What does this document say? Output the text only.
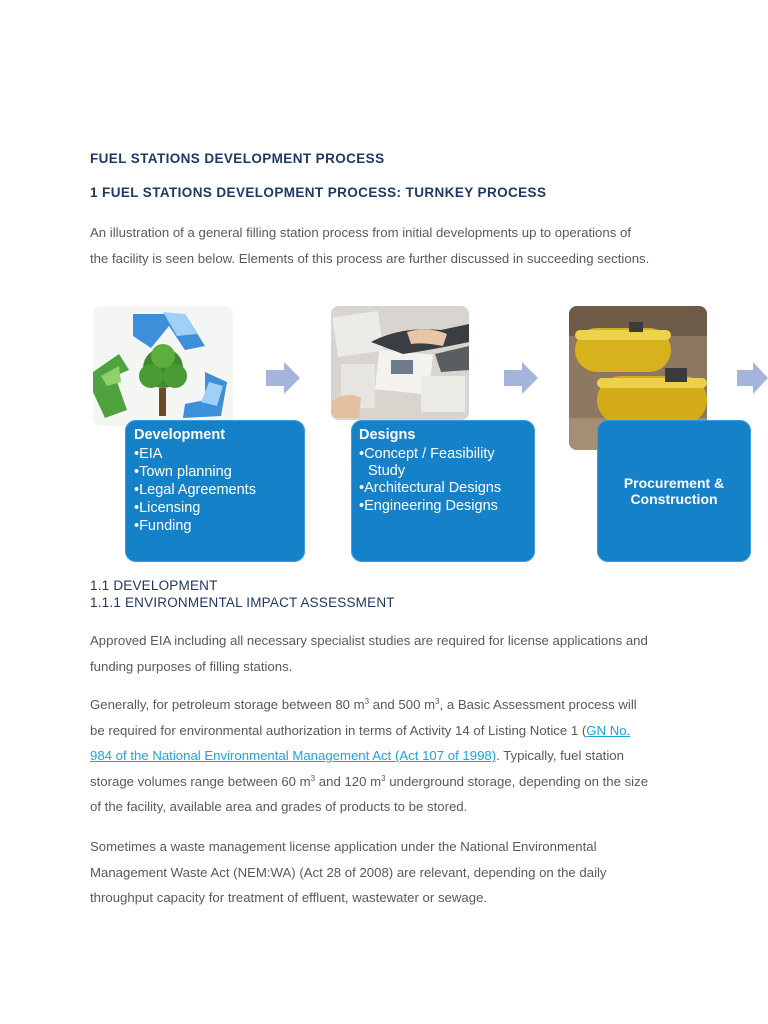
FUEL STATIONS DEVELOPMENT PROCESS
1 FUEL STATIONS DEVELOPMENT PROCESS: TURNKEY PROCESS

An illustration of a general filling station process from initial developments up to operations of
the facility is seen below. Elements of this process are further discussed in succeeding sections.

Development
• EIA
• Town planning
• Legal Agreements
• Licensing
• Funding
Designs
• Concept / Feasibility
Study
• Architectural Designs
• Engineering Designs
Procurement &
Construction
1.1 DEVELOPMENT
1.1.1 ENVIRONMENTAL IMPACT ASSESSMENT

Approved EIA including all necessary specialist studies are required for license applications and
funding purposes of filling stations.

Generally, for petroleum storage between 80 $m^3$ and 500 $m^3$, a Basic Assessment process will
be required for environmental authorization in terms of Activity 14 of Listing Notice 1 (GN No.
984 of the National Environmental Management Act (Act 107 of 1998). Typically, fuel station
storage volumes range between 60 $m^3$ and 120 $m^3$ underground storage, depending on the size
of the facility, available area and grades of products to be stored.

Sometimes a waste management license application under the National Environmental
Management Waste Act (NEM:WA) (Act 28 of 2008) are relevant, depending on the daily
throughput capacity for treatment of effluent, wastewater or sewage.
